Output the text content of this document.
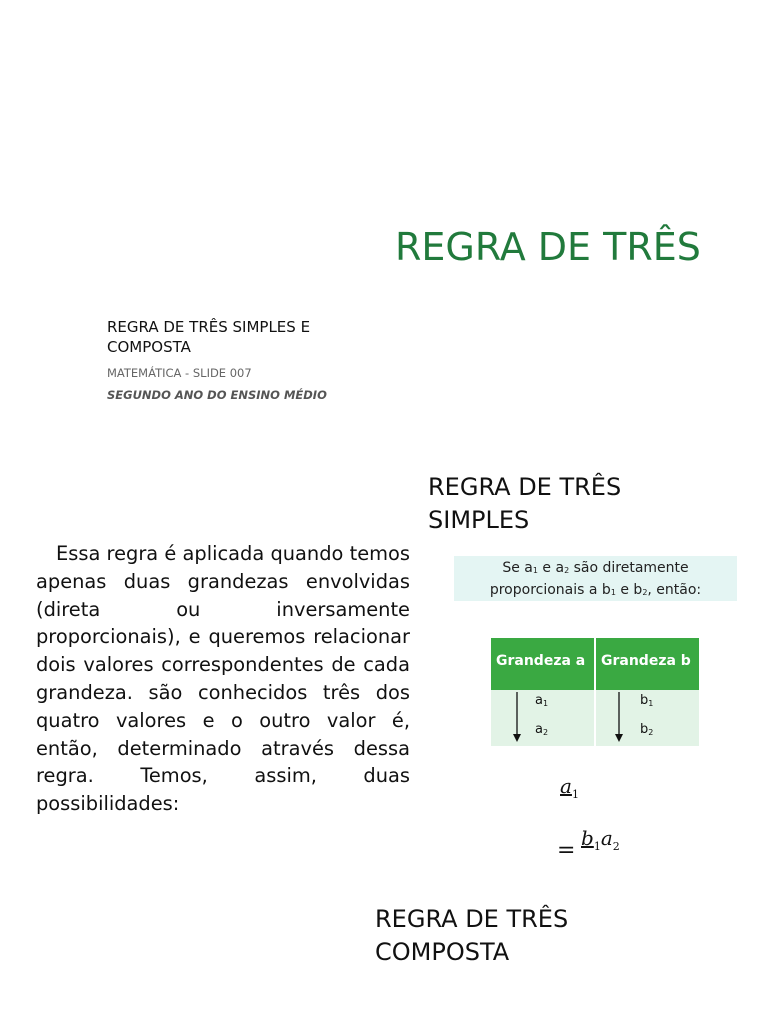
REGRA DE TRÊS
REGRA DE TRÊS SIMPLES E COMPOSTA
MATEMÁTICA - SLIDE 007
SEGUNDO ANO DO ENSINO MÉDIO
REGRA DE TRÊS SIMPLES
Essa regra é aplicada quando temos apenas duas grandezas envolvidas (direta ou inversamente proporcionais), e queremos relacionar dois valores correspondentes de cada grandeza. são conhecidos três dos quatro valores e o outro valor é, então, determinado através dessa regra. Temos, assim, duas possibilidades:
Se $a_1$ e $a_2$ são diretamente
proporcionais a $b_1$ e $b_2$, então:
Grandeza a
$a_1$
$a_2$
Grandeza b
$b_1$
$b_2$
$a_1$
= $b_1a_2$
REGRA DE TRÊS COMPOSTA
